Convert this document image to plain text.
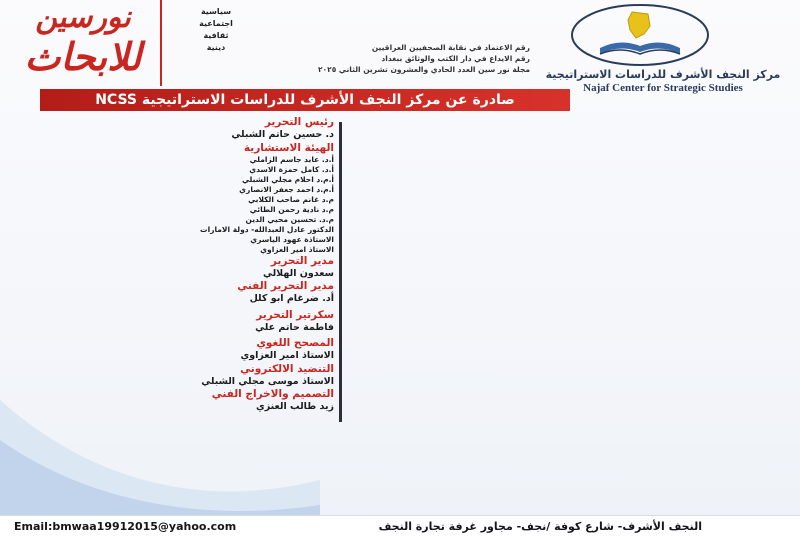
مركز النجف الأشرف للدراسات الاستراتيجية
Najaf Center for Strategic Studies
رقم الاعتماد في نقابة الصحفيين العراقيين
رقم الايداع في دار الكتب والوثائق ببغداد
مجلة نور سين العدد الحادي والعشرون تشرين الثاني ٢٠٢٥
سياسية
اجتماعية
ثقافية
دينية
نورسين
للابحاث
صادرة عن مركز النجف الأشرف للدراسات الاستراتيجية NCSS
رئيس التحرير
د. حسين حاتم الشبلي
الهيئة الاستشارية
أ.د. عابد جاسم الزاملي
أ.د. كامل حمزة الاسدي
أ.م.د احلام مجلي الشبلي
أ.م.د احمد جعفر الانصاري
م.د غانم صاحب الكلابي
م.د نادية رحمن الطائي
م.د. تحسين محيي الدين
الدكتور عادل العبدالله- دولة الامارات
الاستاذة عهود الياسري
الاستاذ امير العزاوي
مدير التحرير
سعدون الهلالي
مدير التحرير الفني
أد. ضرغام ابو كلل
سكرتير التحرير
فاطمة حاتم علي
المصحح اللغوي
الاستاذ امير العزاوي
التنضيد الالكتروني
الاستاذ موسى مجلي الشبلي
التصميم والاخراج الفني
زيد طالب العنزي
Email:bmwaa19912015@yahoo.com	النجف الأشرف- شارع كوفة /نجف- مجاور غرفة تجارة النجف
